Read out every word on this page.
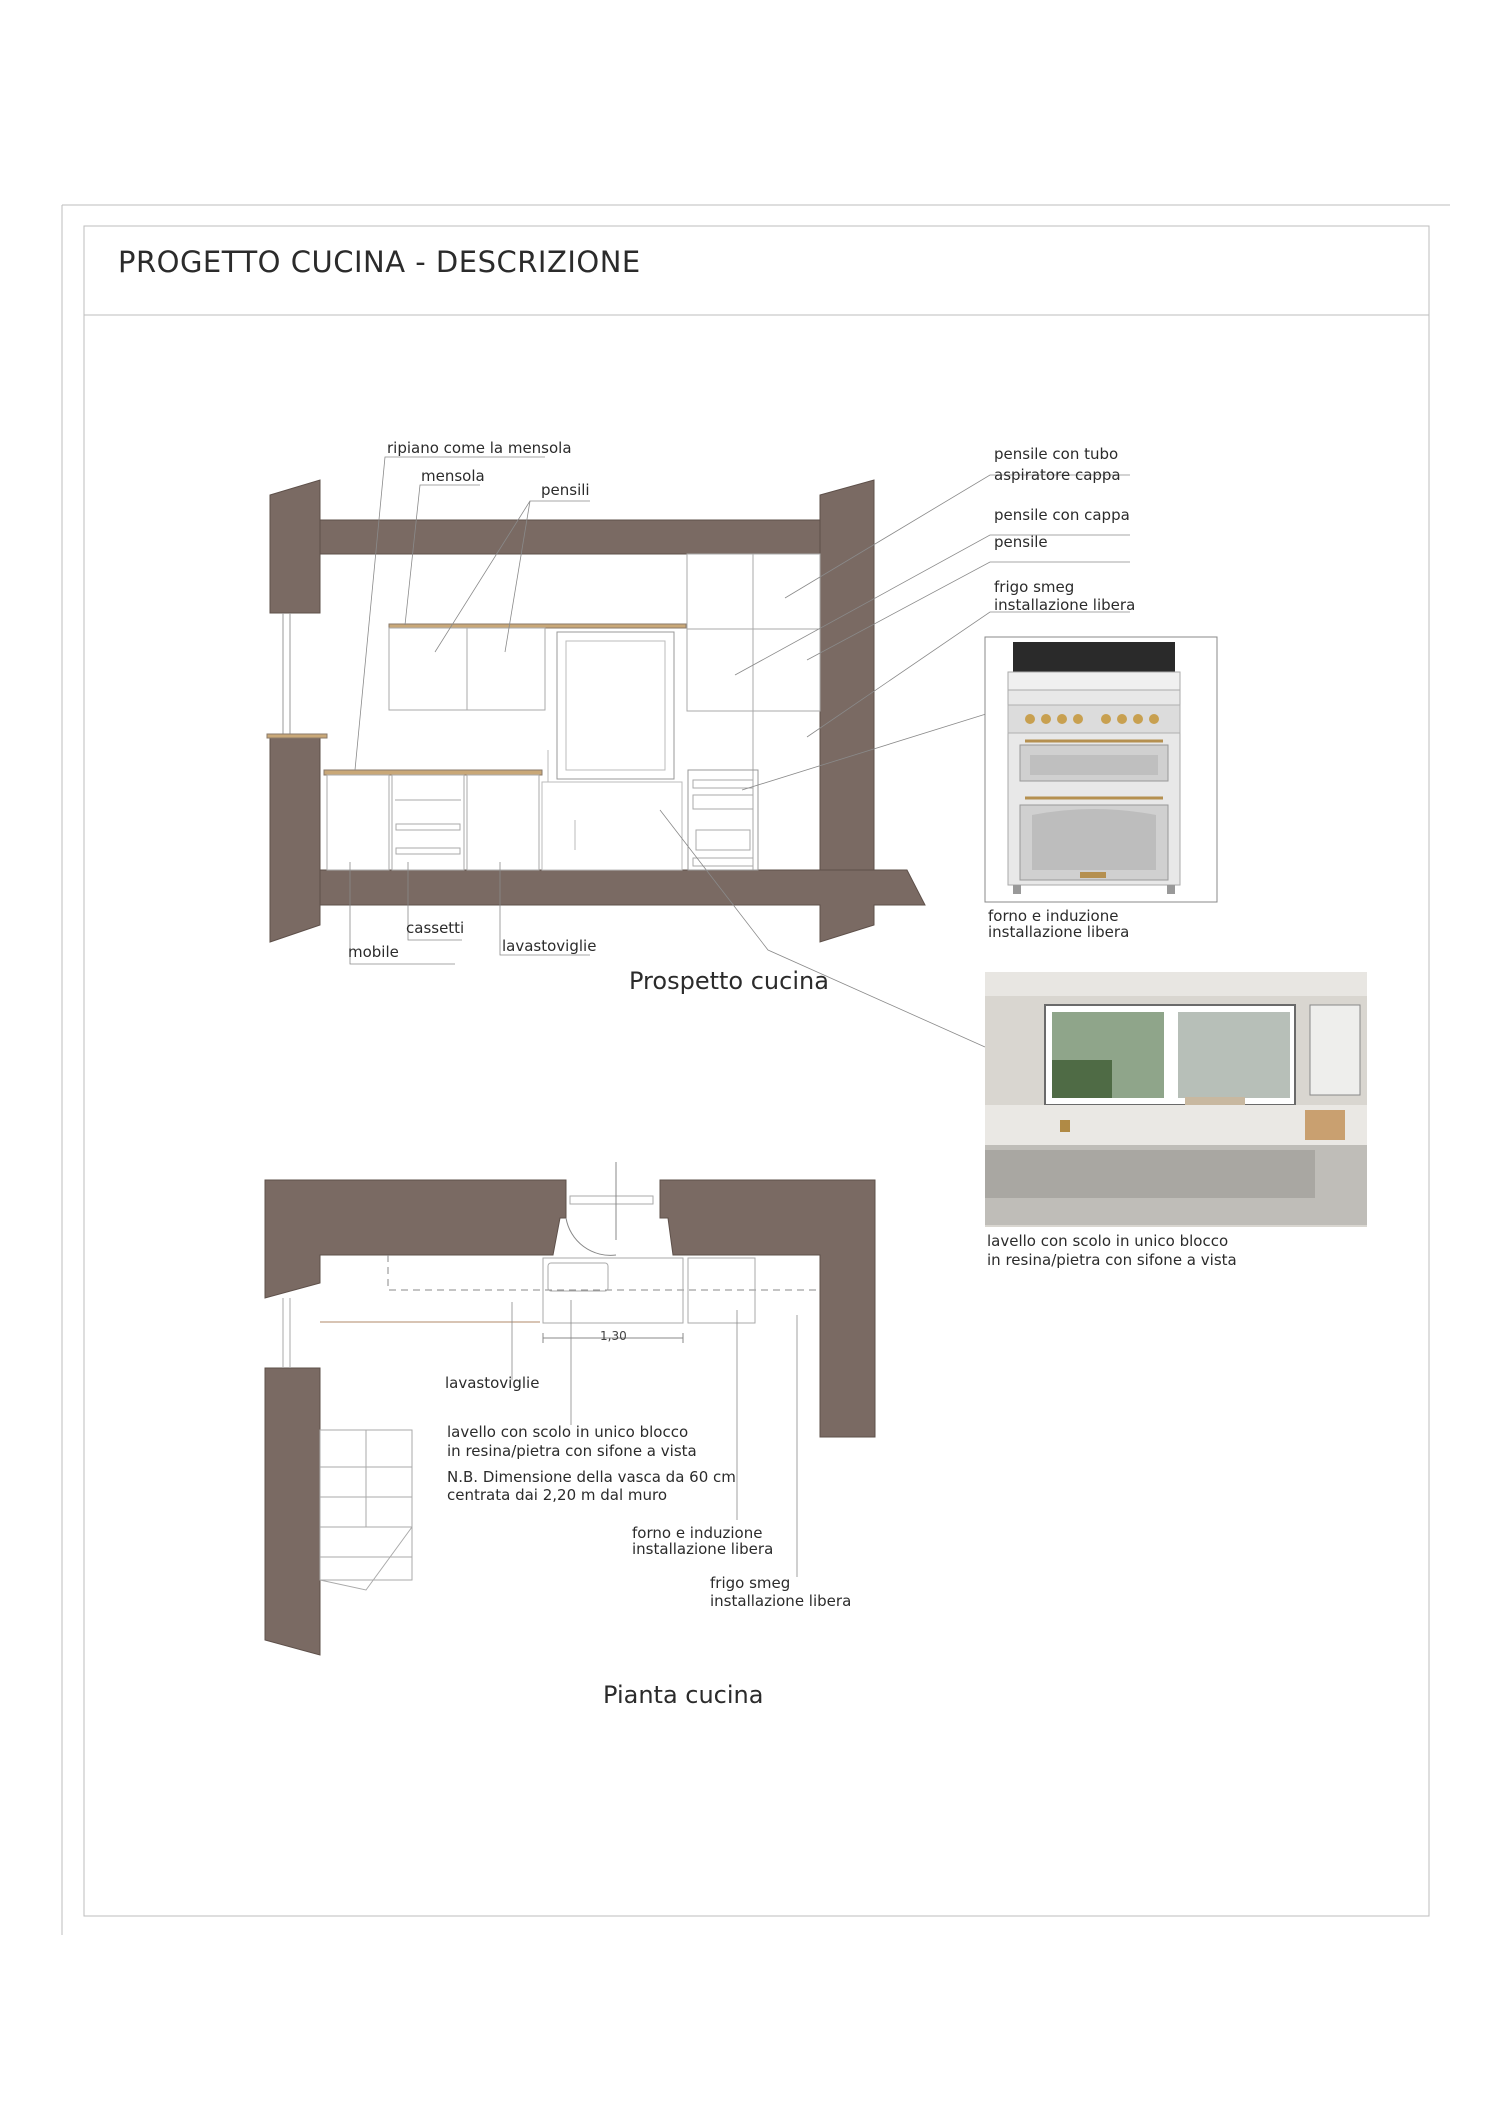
PROGETTO CUCINA - DESCRIZIONE
ripiano come la mensola
mensola
pensili
pensile con tubo
aspiratore cappa
pensile con cappa
pensile
frigo smeg
installazione libera
cassetti
mobile	lavastoviglie
Prospetto cucina
forno e induzione
installazione libera
lavello con scolo in unico blocco
in resina/pietra con sifone a vista
1,30
lavastoviglie
lavello con scolo in unico blocco
in resina/pietra con sifone a vista
N.B. Dimensione della vasca da 60 cm
centrata dai 2,20 m dal muro
forno e induzione
installazione libera
frigo smeg
installazione libera
Pianta cucina
